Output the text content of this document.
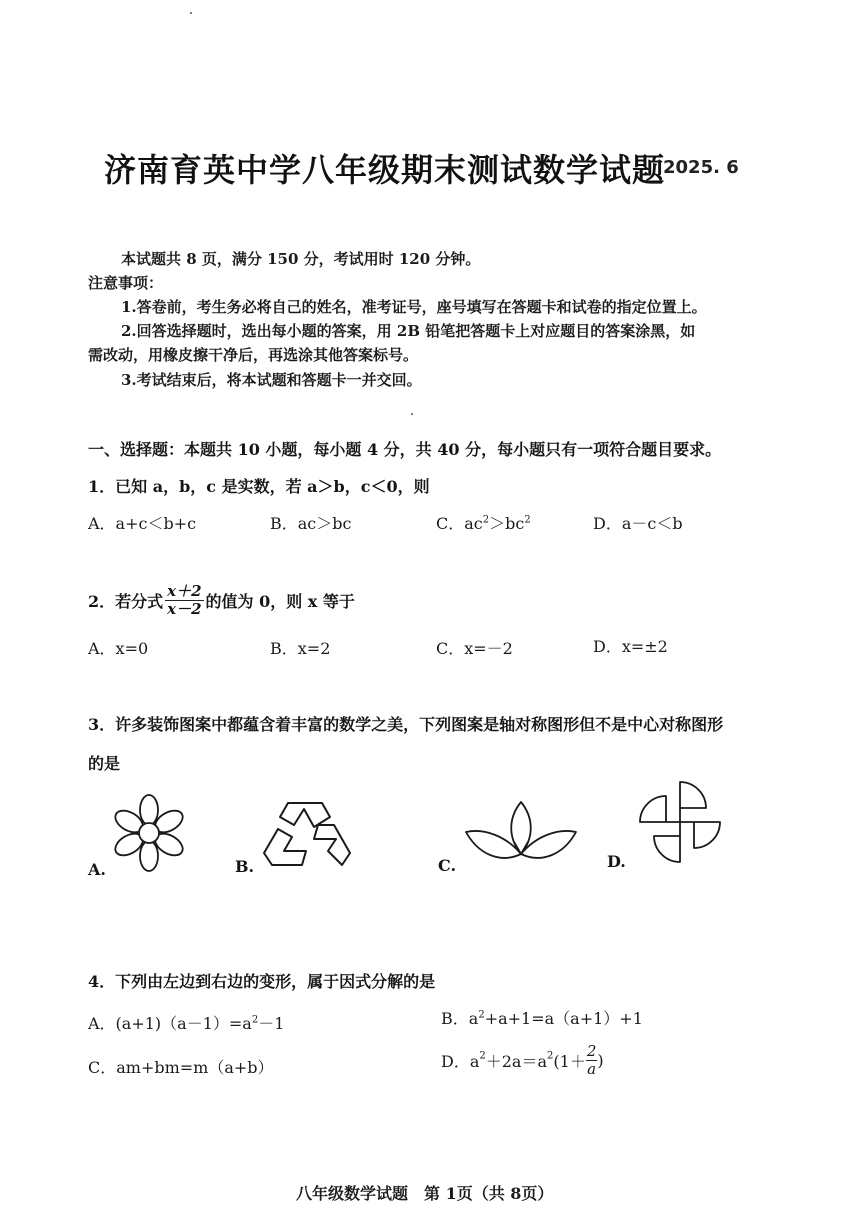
济南育英中学八年级期末测试数学试题
2025. 6
本试题共 8 页，满分 150 分，考试用时 120 分钟。
注意事项：
1.答卷前，考生务必将自己的姓名，准考证号，座号填写在答题卡和试卷的指定位置上。
2.回答选择题时，选出每小题的答案，用 2B 铅笔把答题卡上对应题目的答案涂黑，如
需改动，用橡皮擦干净后，再选涂其他答案标号。
3.考试结束后，将本试题和答题卡一并交回。
一、选择题：本题共 10 小题，每小题 4 分，共 40 分，每小题只有一项符合题目要求。
1．已知 a，b，c 是实数，若 a＞b，c＜0，则
A．a+c＜b+c	B．ac＞bc	C．$ac^2>bc^2$	D．a－c＜b
2．若分式 $\frac{x+2}{x-2}$ 的值为 0，则 x 等于
A．x=0	B．x=2	C．x=－2	D．x=±2
3．许多装饰图案中都蕴含着丰富的数学之美，下列图案是轴对称图形但不是中心对称图形
的是
A.	B.	C.	D.
4．下列由左边到右边的变形，属于因式分解的是
A．$(a+1)(a-1)=a^2-1$	B．$a^2+a+1=a(a+1)+1$
C．am+bm=m（a+b）	D．$a^2+2a=a^2(1+ \frac{2}{a}$ )
八年级数学试题　第 1页（共 8页）
